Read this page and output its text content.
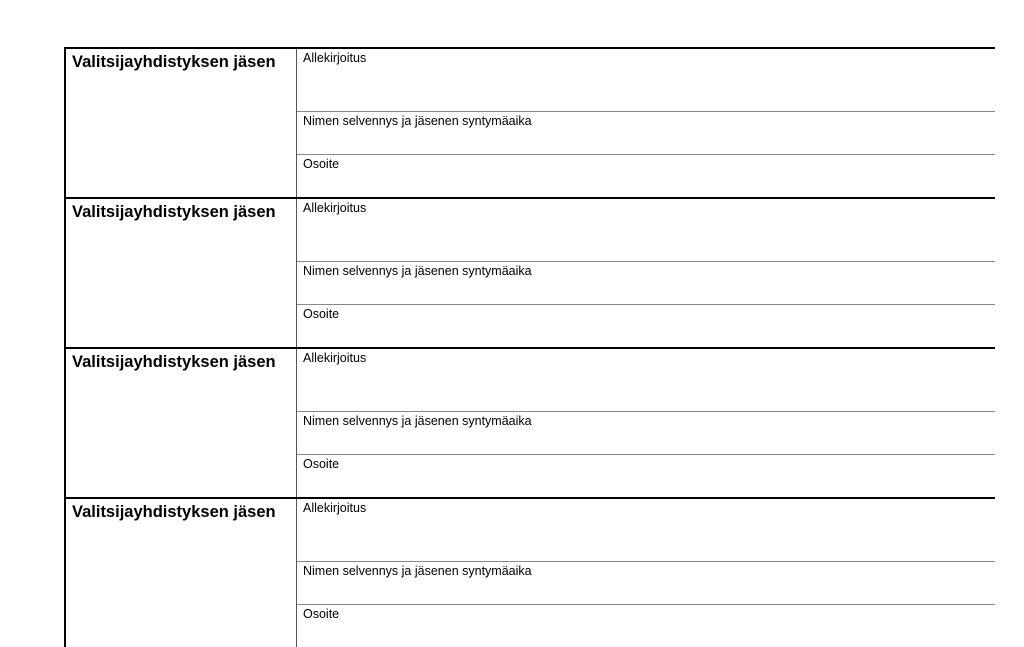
Valitsijayhdistyksen jäsen	Allekirjoitus
Nimen selvennys ja jäsenen syntymäaika
Osoite
Valitsijayhdistyksen jäsen	Allekirjoitus
Nimen selvennys ja jäsenen syntymäaika
Osoite
Valitsijayhdistyksen jäsen	Allekirjoitus
Nimen selvennys ja jäsenen syntymäaika
Osoite
Valitsijayhdistyksen jäsen	Allekirjoitus
Nimen selvennys ja jäsenen syntymäaika
Osoite
